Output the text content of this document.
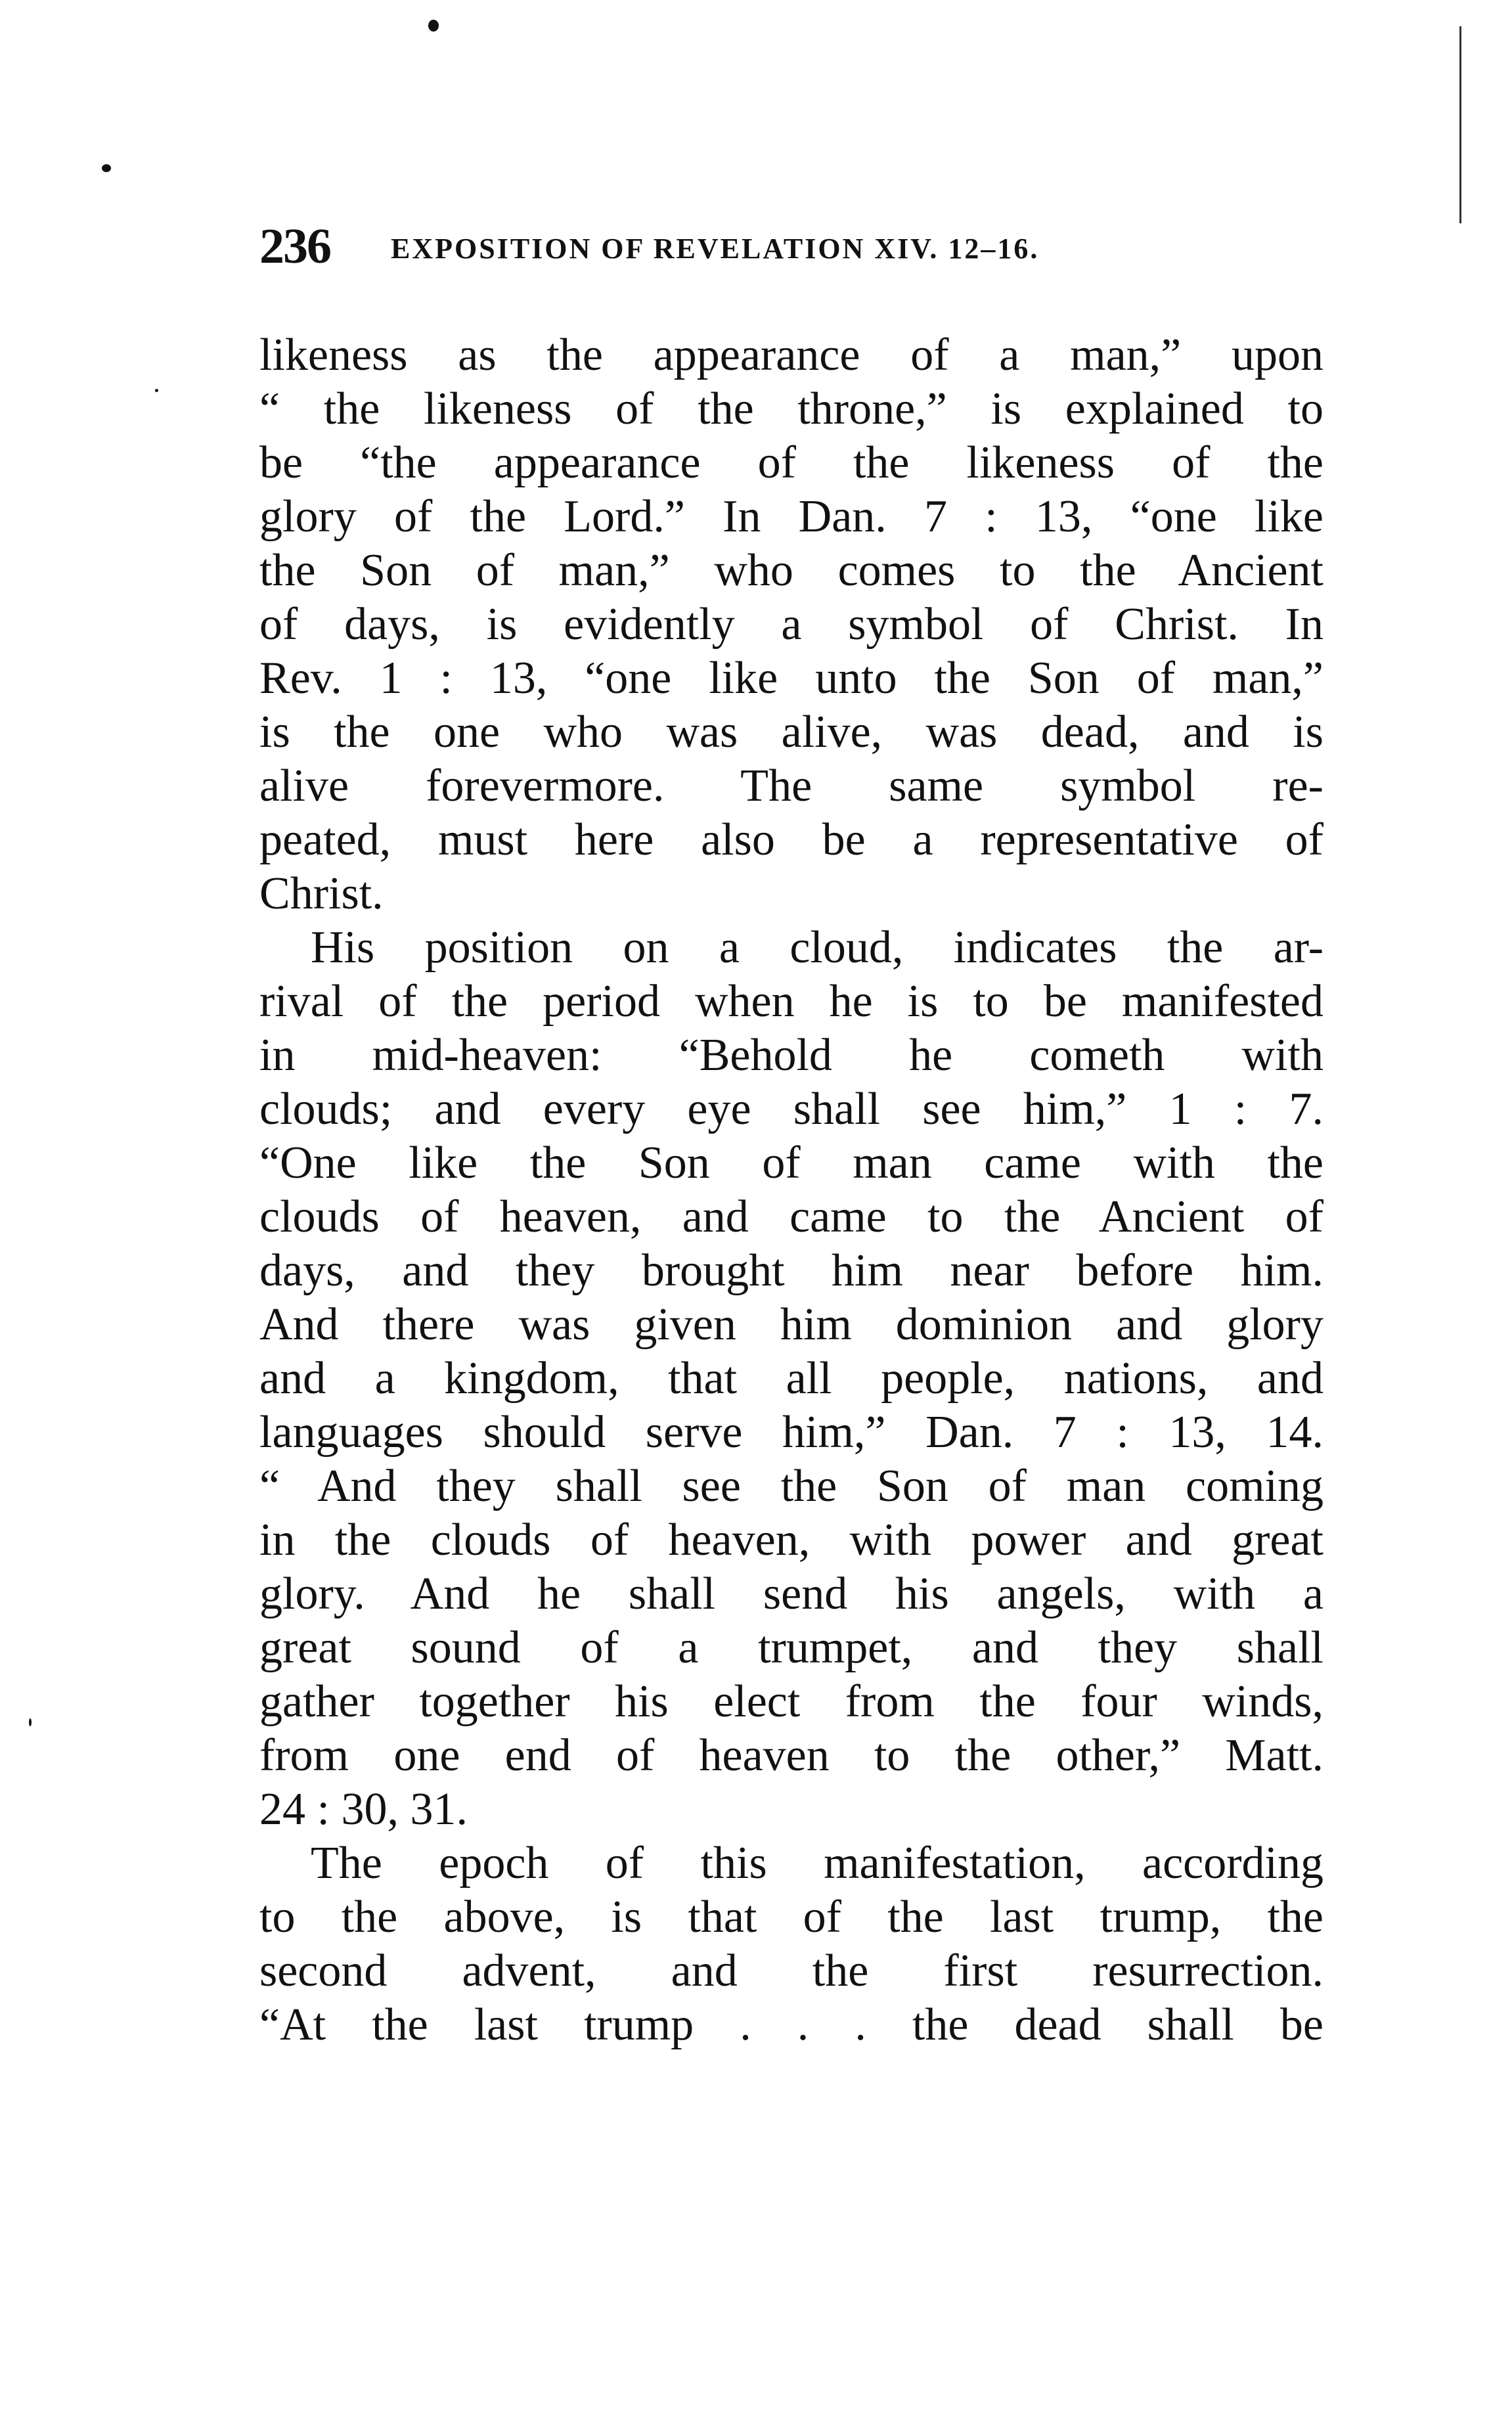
236 EXPOSITION OF REVELATION XIV. 12–16.
likeness as the appearance of a man,” upon
“ the likeness of the throne,” is explained to
be “the appearance of the likeness of the
glory of the Lord.” In Dan. 7 : 13, “one like
the Son of man,” who comes to the Ancient
of days, is evidently a symbol of Christ. In
Rev. 1 : 13, “one like unto the Son of man,”
is the one who was alive, was dead, and is
alive forevermore. The same symbol re-
peated, must here also be a representative of
Christ.
His position on a cloud, indicates the ar-
rival of the period when he is to be manifested
in mid-heaven: “Behold he cometh with
clouds; and every eye shall see him,” 1 : 7.
“One like the Son of man came with the
clouds of heaven, and came to the Ancient of
days, and they brought him near before him.
And there was given him dominion and glory
and a kingdom, that all people, nations, and
languages should serve him,” Dan. 7 : 13, 14.
“ And they shall see the Son of man coming
in the clouds of heaven, with power and great
glory. And he shall send his angels, with a
great sound of a trumpet, and they shall
gather together his elect from the four winds,
from one end of heaven to the other,” Matt.
24 : 30, 31.
The epoch of this manifestation, according
to the above, is that of the last trump, the
second advent, and the first resurrection.
“At the last trump . . . the dead shall be
